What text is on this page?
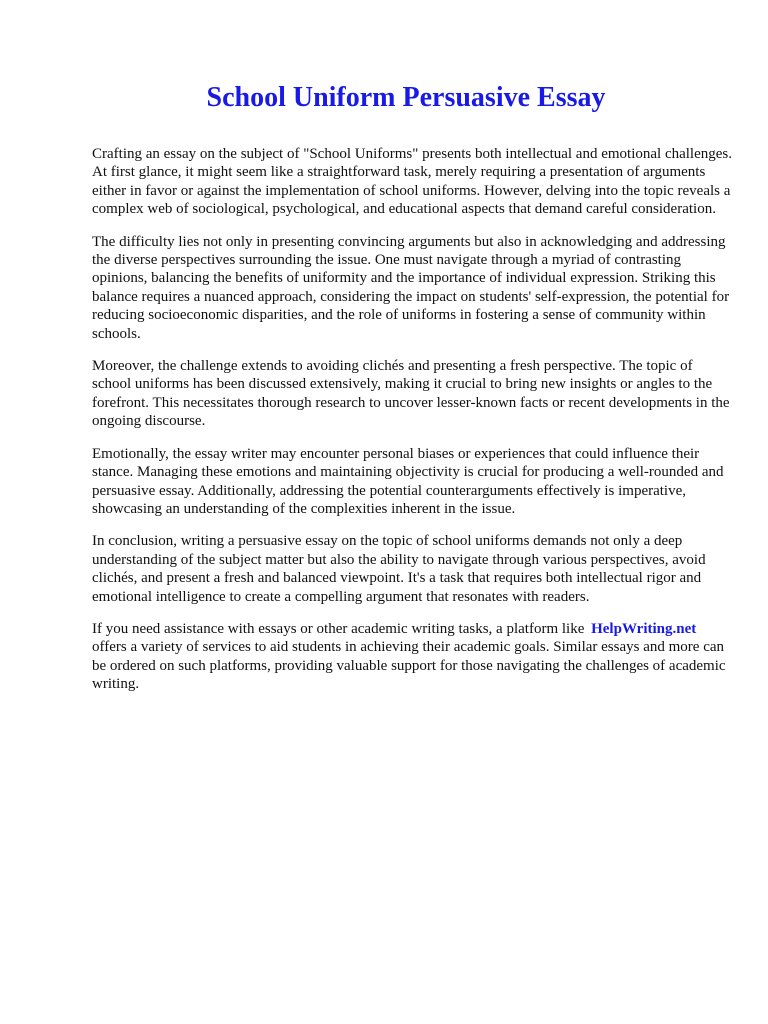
School Uniform Persuasive Essay

Crafting an essay on the subject of "School Uniforms" presents both intellectual and emotional challenges. At first glance, it might seem like a straightforward task, merely requiring a presentation of arguments either in favor or against the implementation of school uniforms. However, delving into the topic reveals a complex web of sociological, psychological, and educational aspects that demand careful consideration.

The difficulty lies not only in presenting convincing arguments but also in acknowledging and addressing the diverse perspectives surrounding the issue. One must navigate through a myriad of contrasting opinions, balancing the benefits of uniformity and the importance of individual expression. Striking this balance requires a nuanced approach, considering the impact on students' self-expression, the potential for reducing socioeconomic disparities, and the role of uniforms in fostering a sense of community within schools.

Moreover, the challenge extends to avoiding clichés and presenting a fresh perspective. The topic of school uniforms has been discussed extensively, making it crucial to bring new insights or angles to the forefront. This necessitates thorough research to uncover lesser-known facts or recent developments in the ongoing discourse.

Emotionally, the essay writer may encounter personal biases or experiences that could influence their stance. Managing these emotions and maintaining objectivity is crucial for producing a well-rounded and persuasive essay. Additionally, addressing the potential counterarguments effectively is imperative, showcasing an understanding of the complexities inherent in the issue.

In conclusion, writing a persuasive essay on the topic of school uniforms demands not only a deep understanding of the subject matter but also the ability to navigate through various perspectives, avoid clichés, and present a fresh and balanced viewpoint. It's a task that requires both intellectual rigor and emotional intelligence to create a compelling argument that resonates with readers.

If you need assistance with essays or other academic writing tasks, a platform like HelpWriting.net offers a variety of services to aid students in achieving their academic goals. Similar essays and more can be ordered on such platforms, providing valuable support for those navigating the challenges of academic writing.
